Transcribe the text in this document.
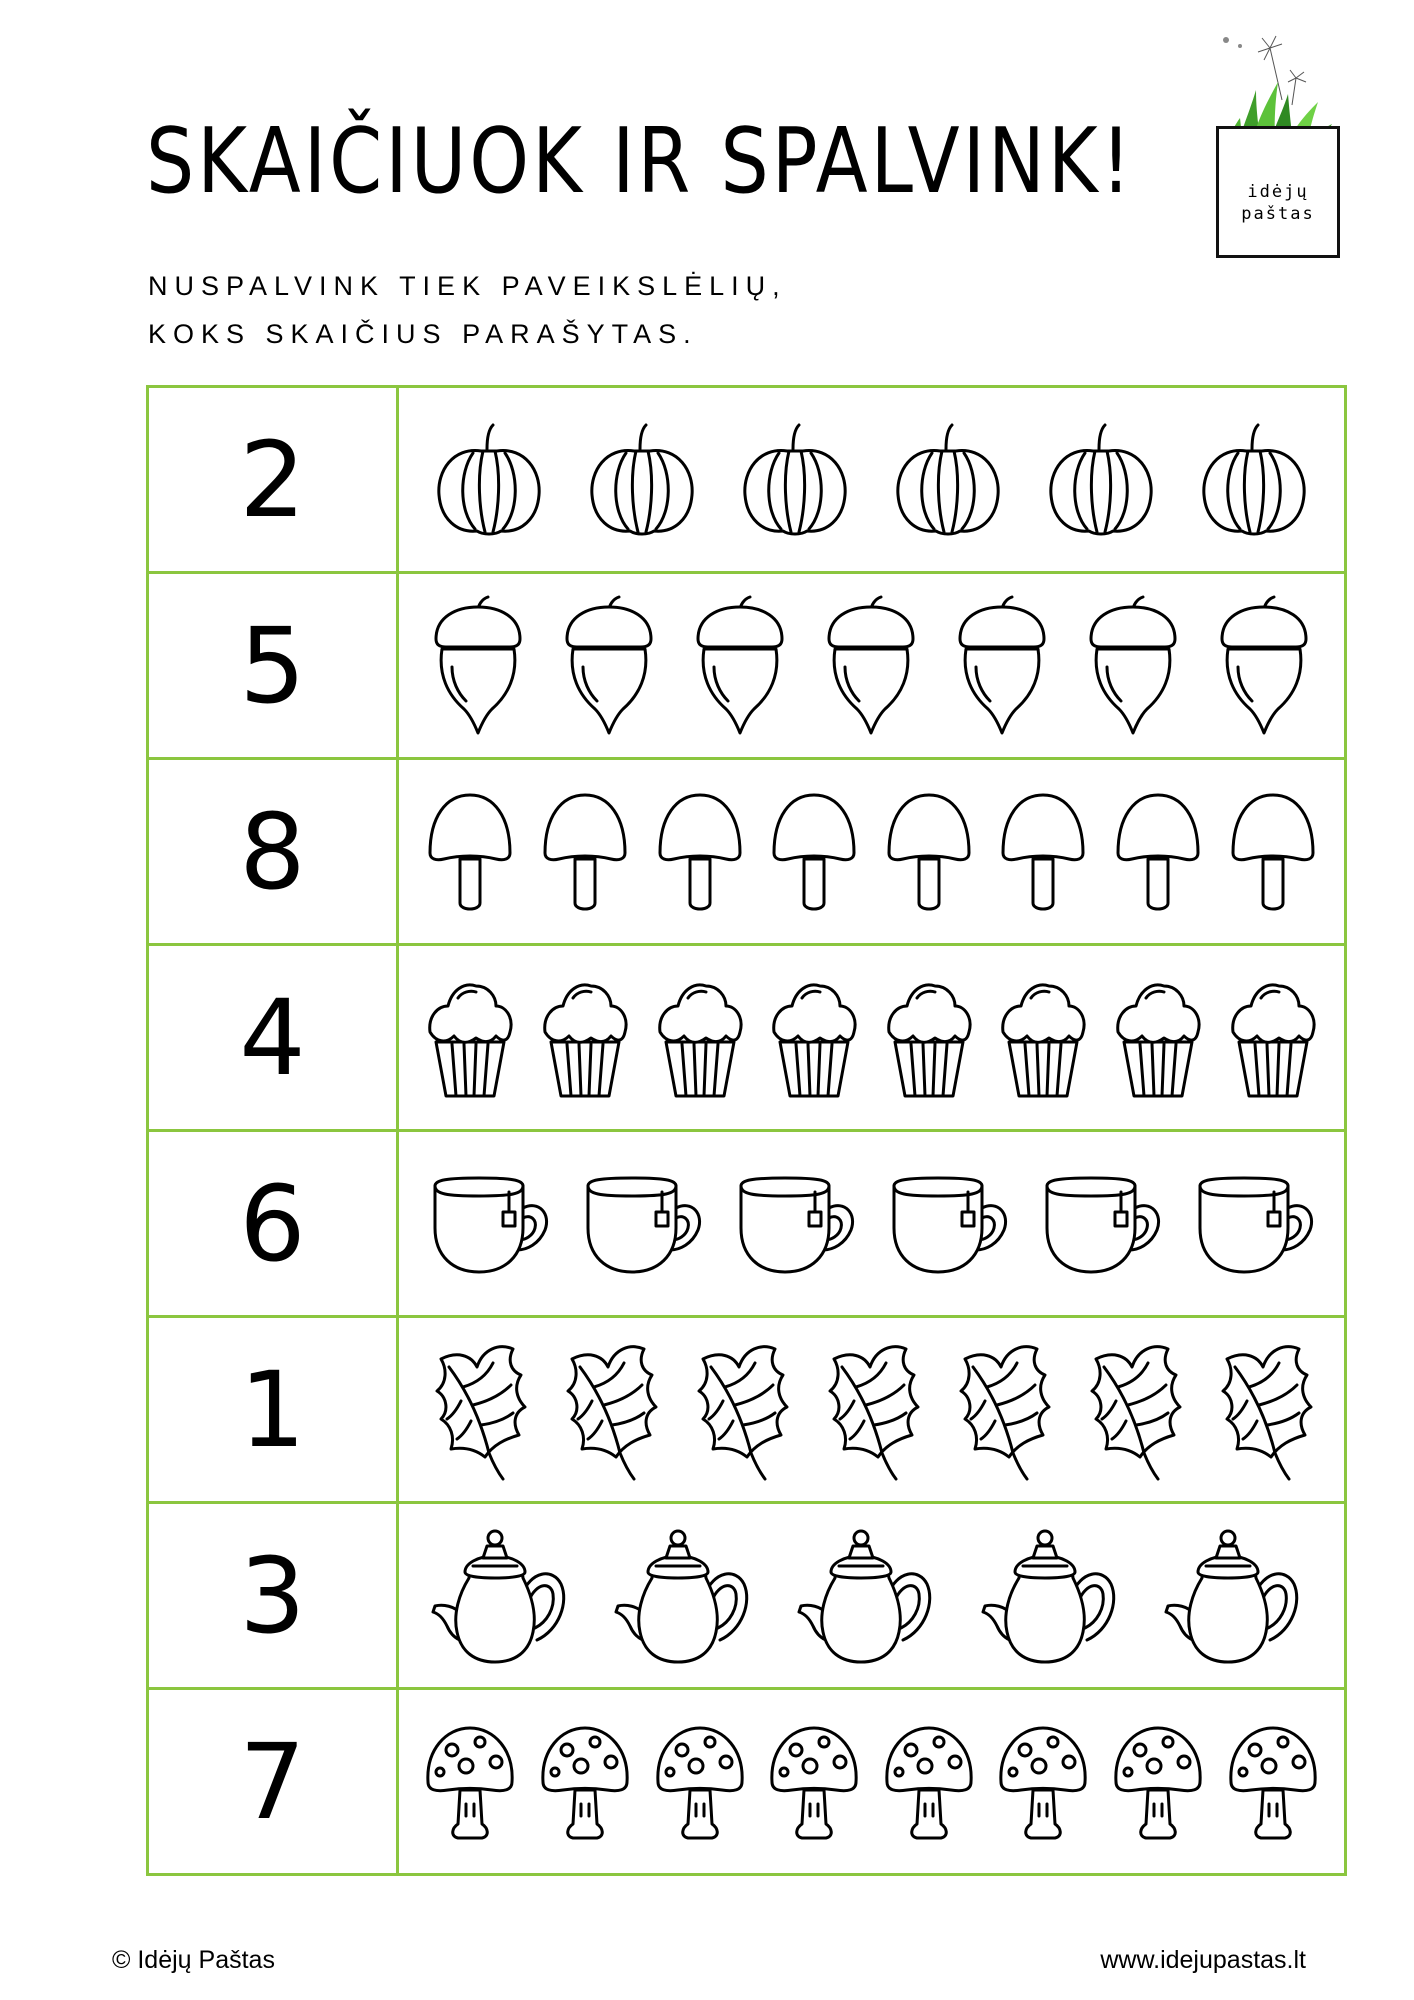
SKAIČIUOK IR SPALVINK!
NUSPALVINK TIEK PAVEIKSLĖLIŲ,
KOKS SKAIČIUS PARAŠYTAS.
idėjų
paštas
2
5
8
4
6
1
3
7
© Idėjų Paštas	www.idejupastas.lt
